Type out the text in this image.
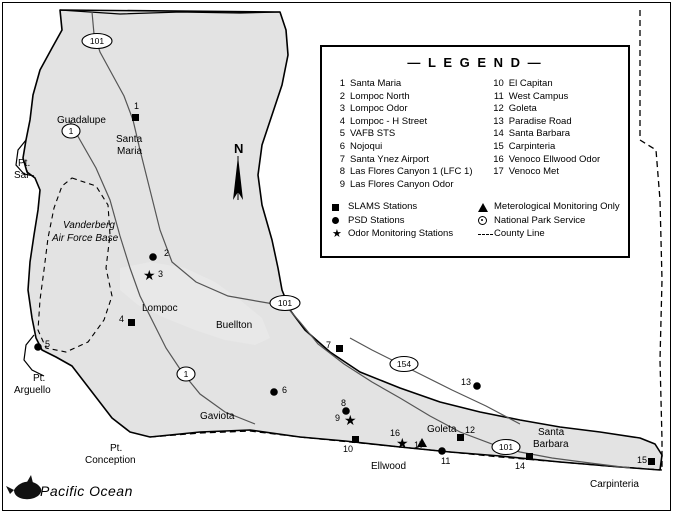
★
★
★
Guadalupe
Santa
Maria
Pt.
Sal
Lompoc
Buellton
Pt.
Arguello
Gaviota
Pt.
Conception
Ellwood
Goleta	Santa
Barbara
Carpinteria
Vanderberg
Air Force Base
N
Pacific Ocean
101
1
101
1
154
101
1
2
3
4
5
6
7
8
9
10
11
12
13
14
15
16
17
— L E G E N D —
1 Santa Maria
2 Lompoc North
3 Lompoc Odor
4 Lompoc - H Street
5 VAFB STS
6 Nojoqui
7 Santa Ynez Airport
8 Las Flores Canyon 1 (LFC 1)
9 Las Flores Canyon Odor
10 El Capitan
11 West Campus
12 Goleta
13 Paradise Road
14 Santa Barbara
15 Carpinteria
16 Venoco Ellwood Odor
17 Venoco Met
SLAMS Stations
PSD Stations
★ Odor Monitoring Stations
Meterological Monitoring Only
National Park Service
County Line
